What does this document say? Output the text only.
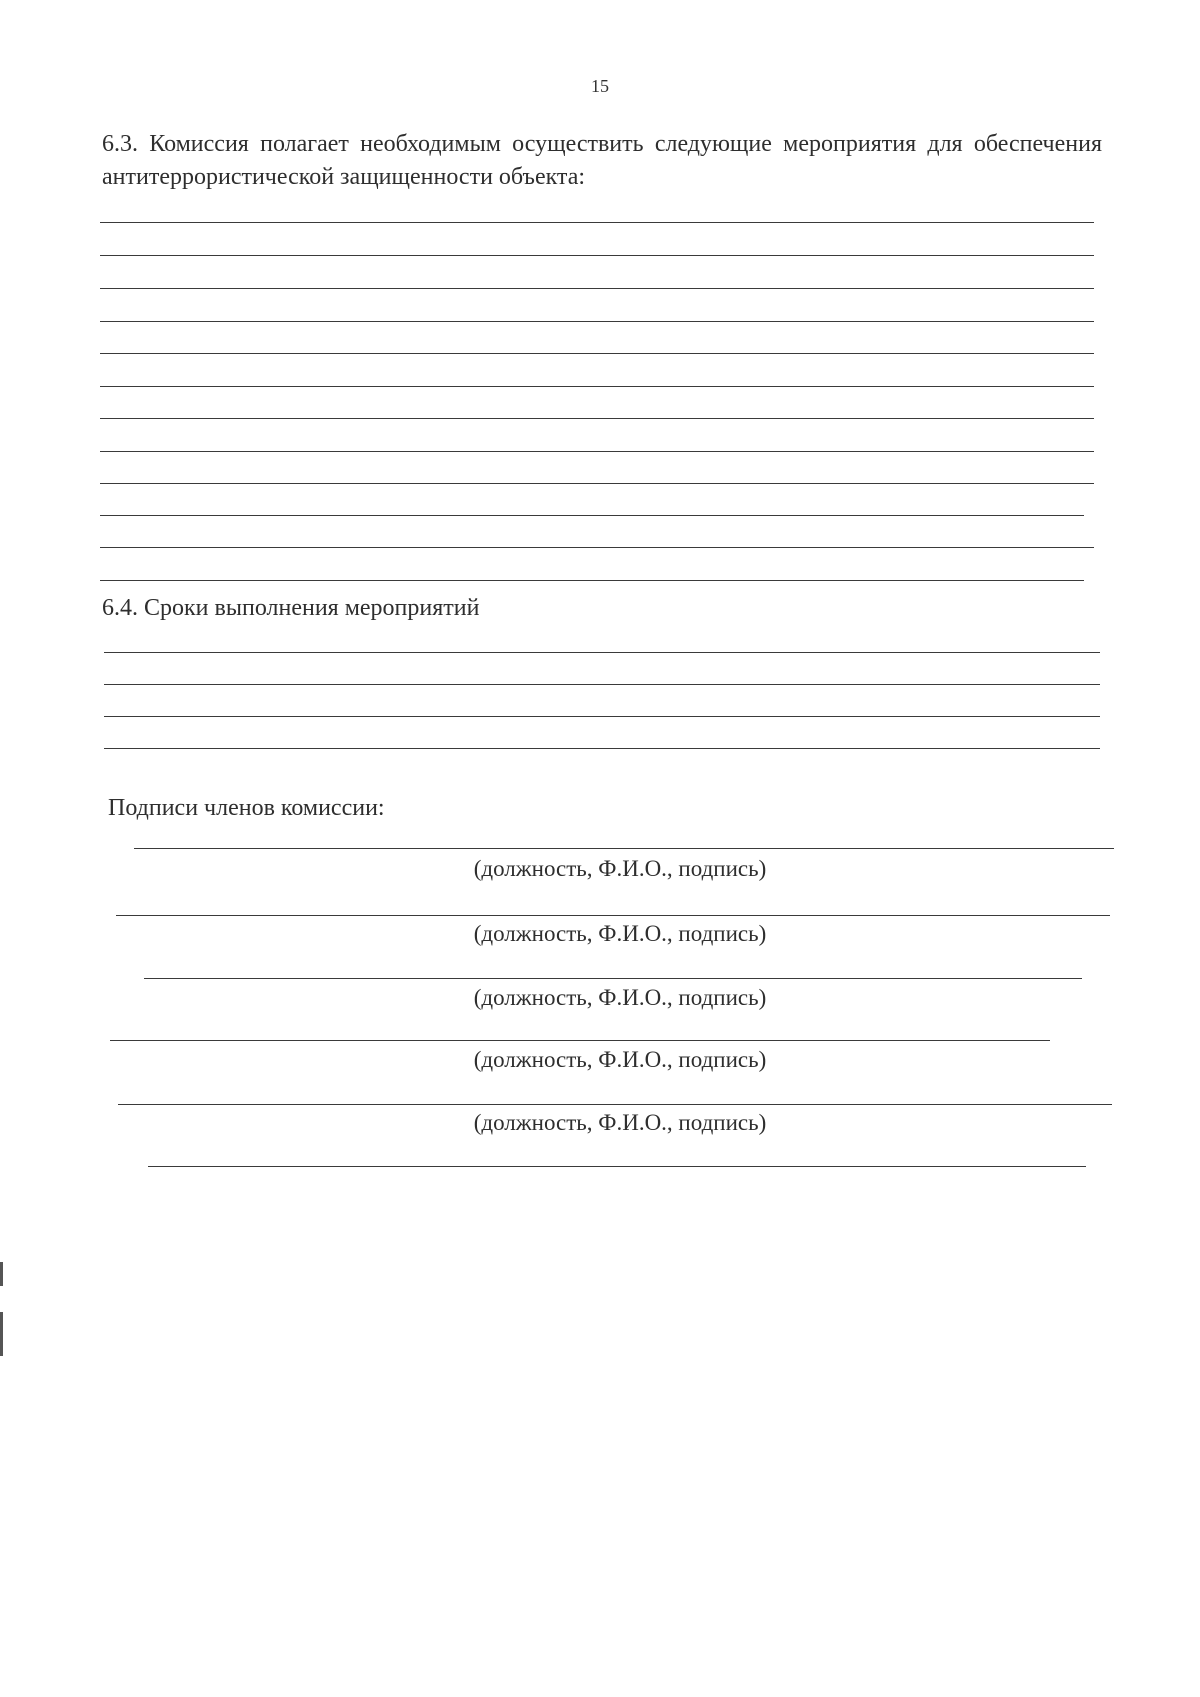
15
6.3. Комиссия полагает необходимым осуществить следующие мероприятия для обеспечения антитеррористической защищенности объекта:
6.4. Сроки выполнения мероприятий
Подписи членов комиссии:
(должность, Ф.И.О., подпись)
(должность, Ф.И.О., подпись)
(должность, Ф.И.О., подпись)
(должность, Ф.И.О., подпись)
(должность, Ф.И.О., подпись)
